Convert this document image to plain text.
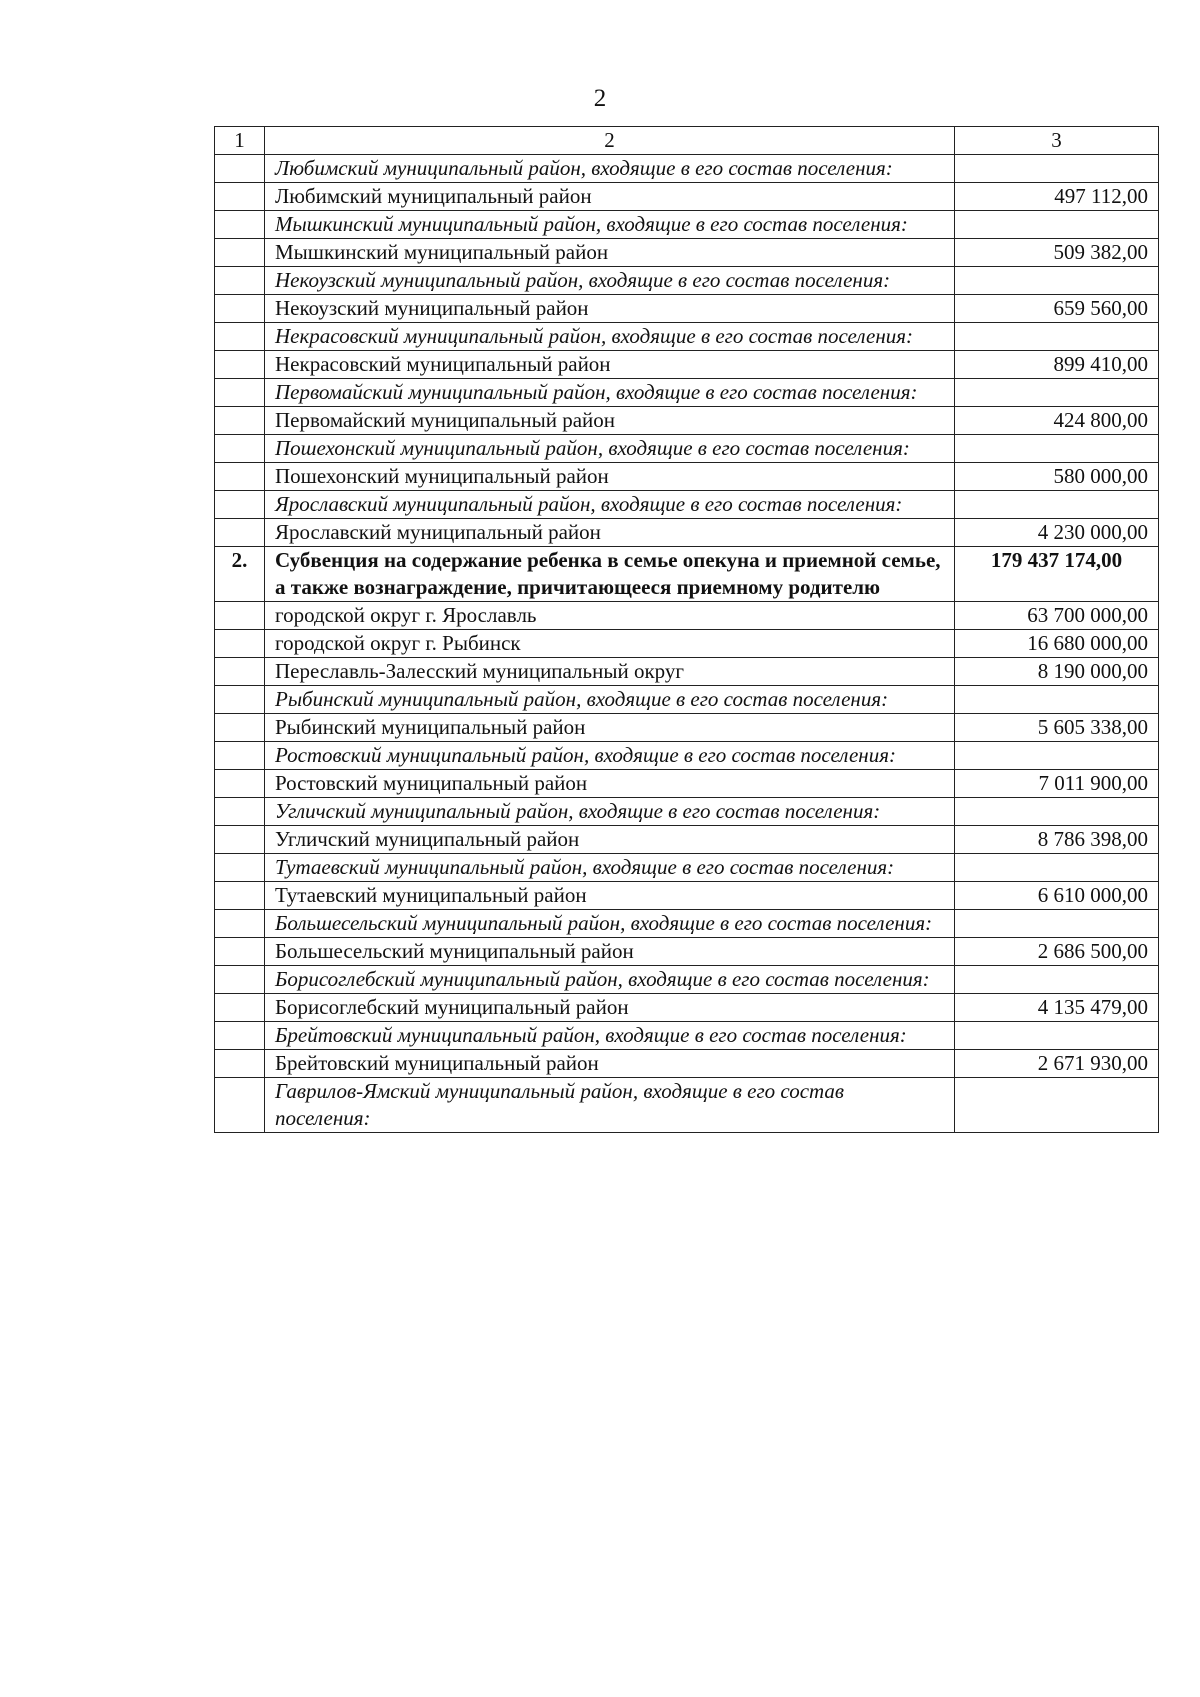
2
1	2	3
	Любимский муниципальный район, входящие в его состав поселения:	
	Любимский муниципальный район	497 112,00
	Мышкинский муниципальный район, входящие в его состав поселения:	
	Мышкинский муниципальный район	509 382,00
	Некоузский муниципальный район, входящие в его состав поселения:	
	Некоузский муниципальный район	659 560,00
	Некрасовский муниципальный район, входящие в его состав поселения:	
	Некрасовский муниципальный район	899 410,00
	Первомайский муниципальный район, входящие в его состав поселения:	
	Первомайский муниципальный район	424 800,00
	Пошехонский муниципальный район, входящие в его состав поселения:	
	Пошехонский муниципальный район	580 000,00
	Ярославский муниципальный район, входящие в его состав поселения:	
	Ярославский муниципальный район	4 230 000,00
2.	Субвенция на содержание ребенка в семье опекуна и приемной семье, а также вознаграждение, причитающееся приемному родителю	179 437 174,00
	городской округ г. Ярославль	63 700 000,00
	городской округ г. Рыбинск	16 680 000,00
	Переславль-Залесский муниципальный округ	8 190 000,00
	Рыбинский муниципальный район, входящие в его состав поселения:	
	Рыбинский муниципальный район	5 605 338,00
	Ростовский муниципальный район, входящие в его состав поселения:	
	Ростовский муниципальный район	7 011 900,00
	Угличский муниципальный район, входящие в его состав поселения:	
	Угличский муниципальный район	8 786 398,00
	Тутаевский муниципальный район, входящие в его состав поселения:	
	Тутаевский муниципальный район	6 610 000,00
	Большесельский муниципальный район, входящие в его состав поселения:	
	Большесельский муниципальный район	2 686 500,00
	Борисоглебский муниципальный район, входящие в его состав поселения:	
	Борисоглебский муниципальный район	4 135 479,00
	Брейтовский муниципальный район, входящие в его состав поселения:	
	Брейтовский муниципальный район	2 671 930,00
	Гаврилов-Ямский муниципальный район, входящие в его состав поселения:	
